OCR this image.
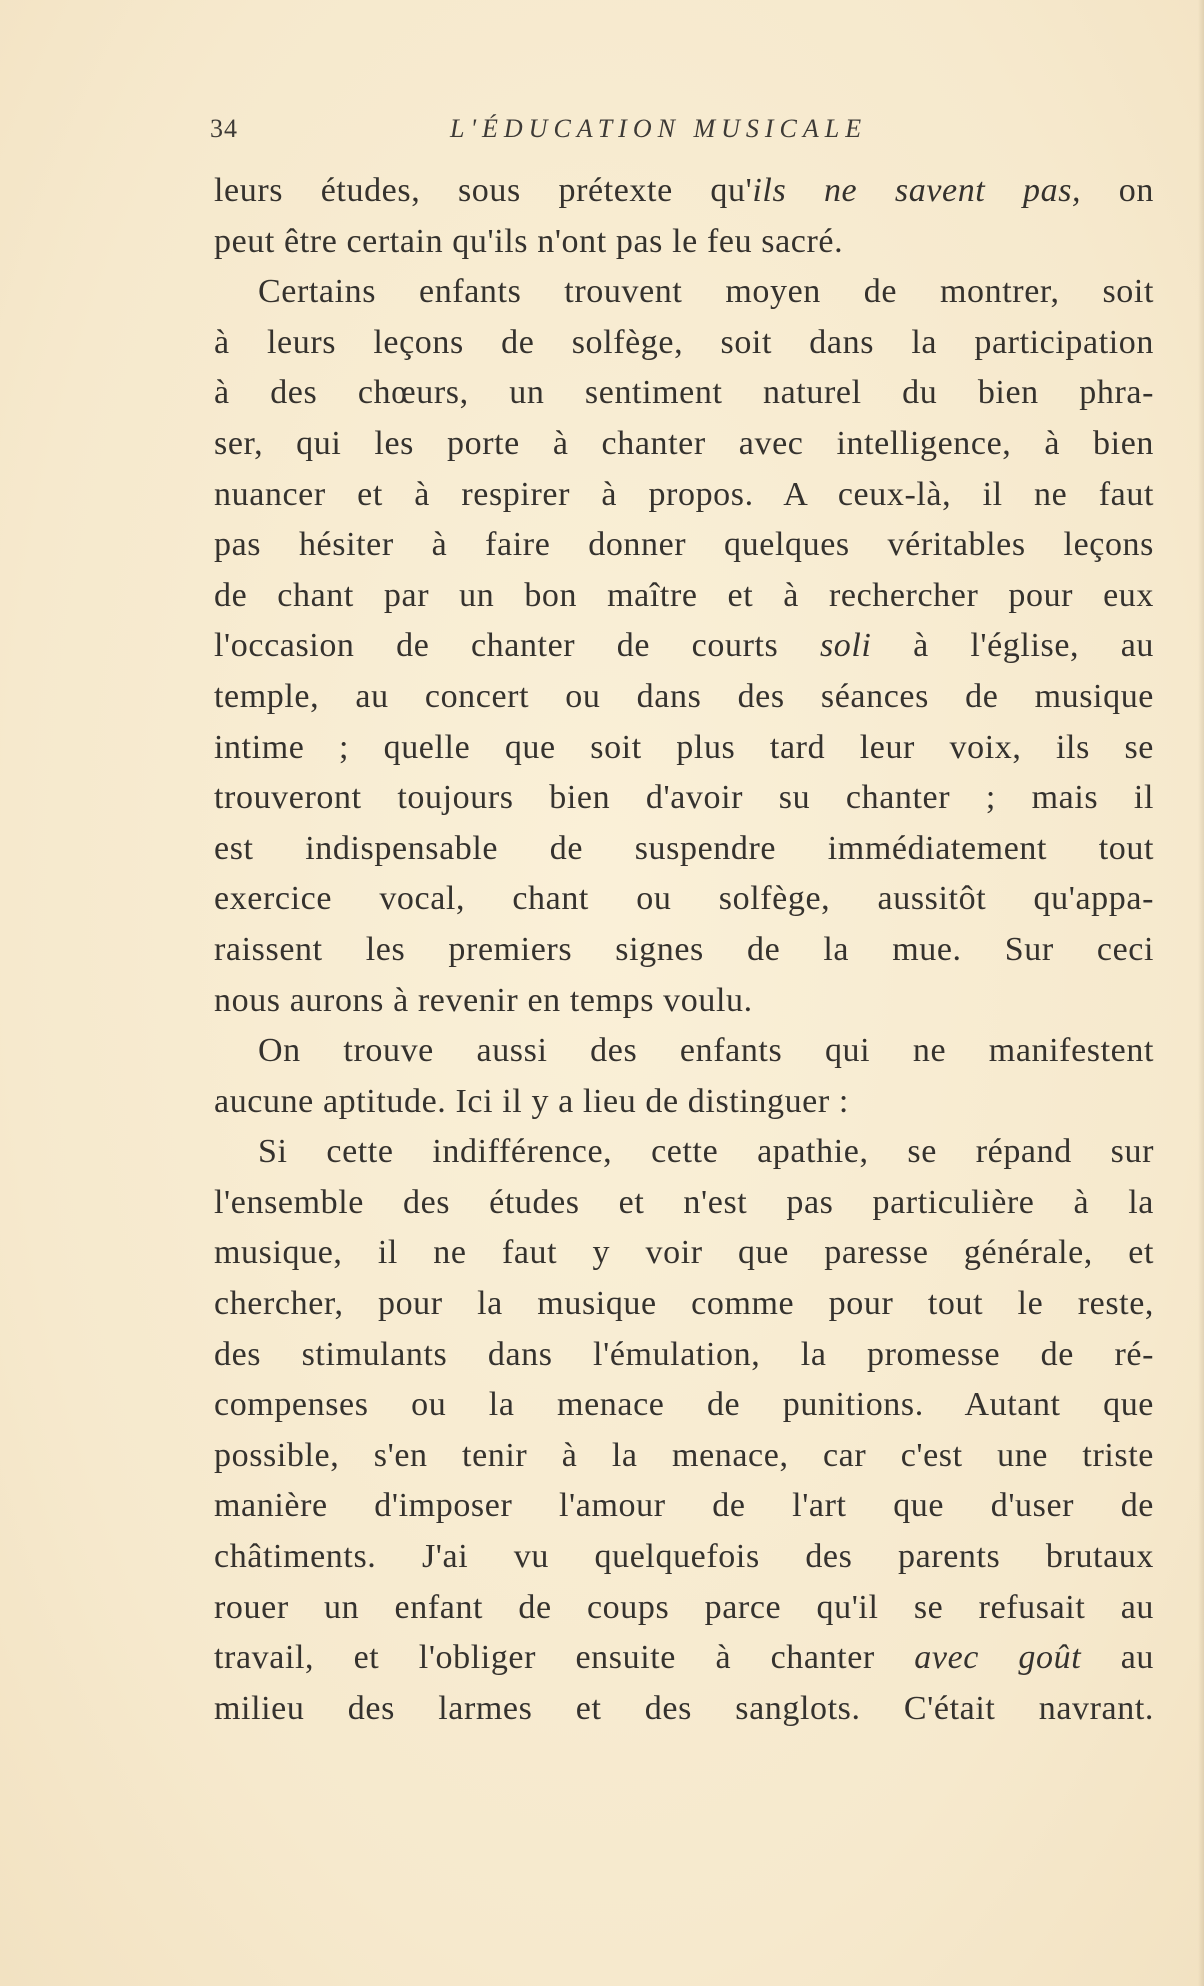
34	L'ÉDUCATION MUSICALE
leurs études, sous prétexte qu'ils ne savent pas, on
peut être certain qu'ils n'ont pas le feu sacré.
Certains enfants trouvent moyen de montrer, soit
à leurs leçons de solfège, soit dans la participation
à des chœurs, un sentiment naturel du bien phra-
ser, qui les porte à chanter avec intelligence, à bien
nuancer et à respirer à propos. A ceux-là, il ne faut
pas hésiter à faire donner quelques véritables leçons
de chant par un bon maître et à rechercher pour eux
l'occasion de chanter de courts soli à l'église, au
temple, au concert ou dans des séances de musique
intime ; quelle que soit plus tard leur voix, ils se
trouveront toujours bien d'avoir su chanter ; mais il
est indispensable de suspendre immédiatement tout
exercice vocal, chant ou solfège, aussitôt qu'appa-
raissent les premiers signes de la mue. Sur ceci
nous aurons à revenir en temps voulu.
On trouve aussi des enfants qui ne manifestent
aucune aptitude. Ici il y a lieu de distinguer :
Si cette indifférence, cette apathie, se répand sur
l'ensemble des études et n'est pas particulière à la
musique, il ne faut y voir que paresse générale, et
chercher, pour la musique comme pour tout le reste,
des stimulants dans l'émulation, la promesse de ré-
compenses ou la menace de punitions. Autant que
possible, s'en tenir à la menace, car c'est une triste
manière d'imposer l'amour de l'art que d'user de
châtiments. J'ai vu quelquefois des parents brutaux
rouer un enfant de coups parce qu'il se refusait au
travail, et l'obliger ensuite à chanter avec goût au
milieu des larmes et des sanglots. C'était navrant.
